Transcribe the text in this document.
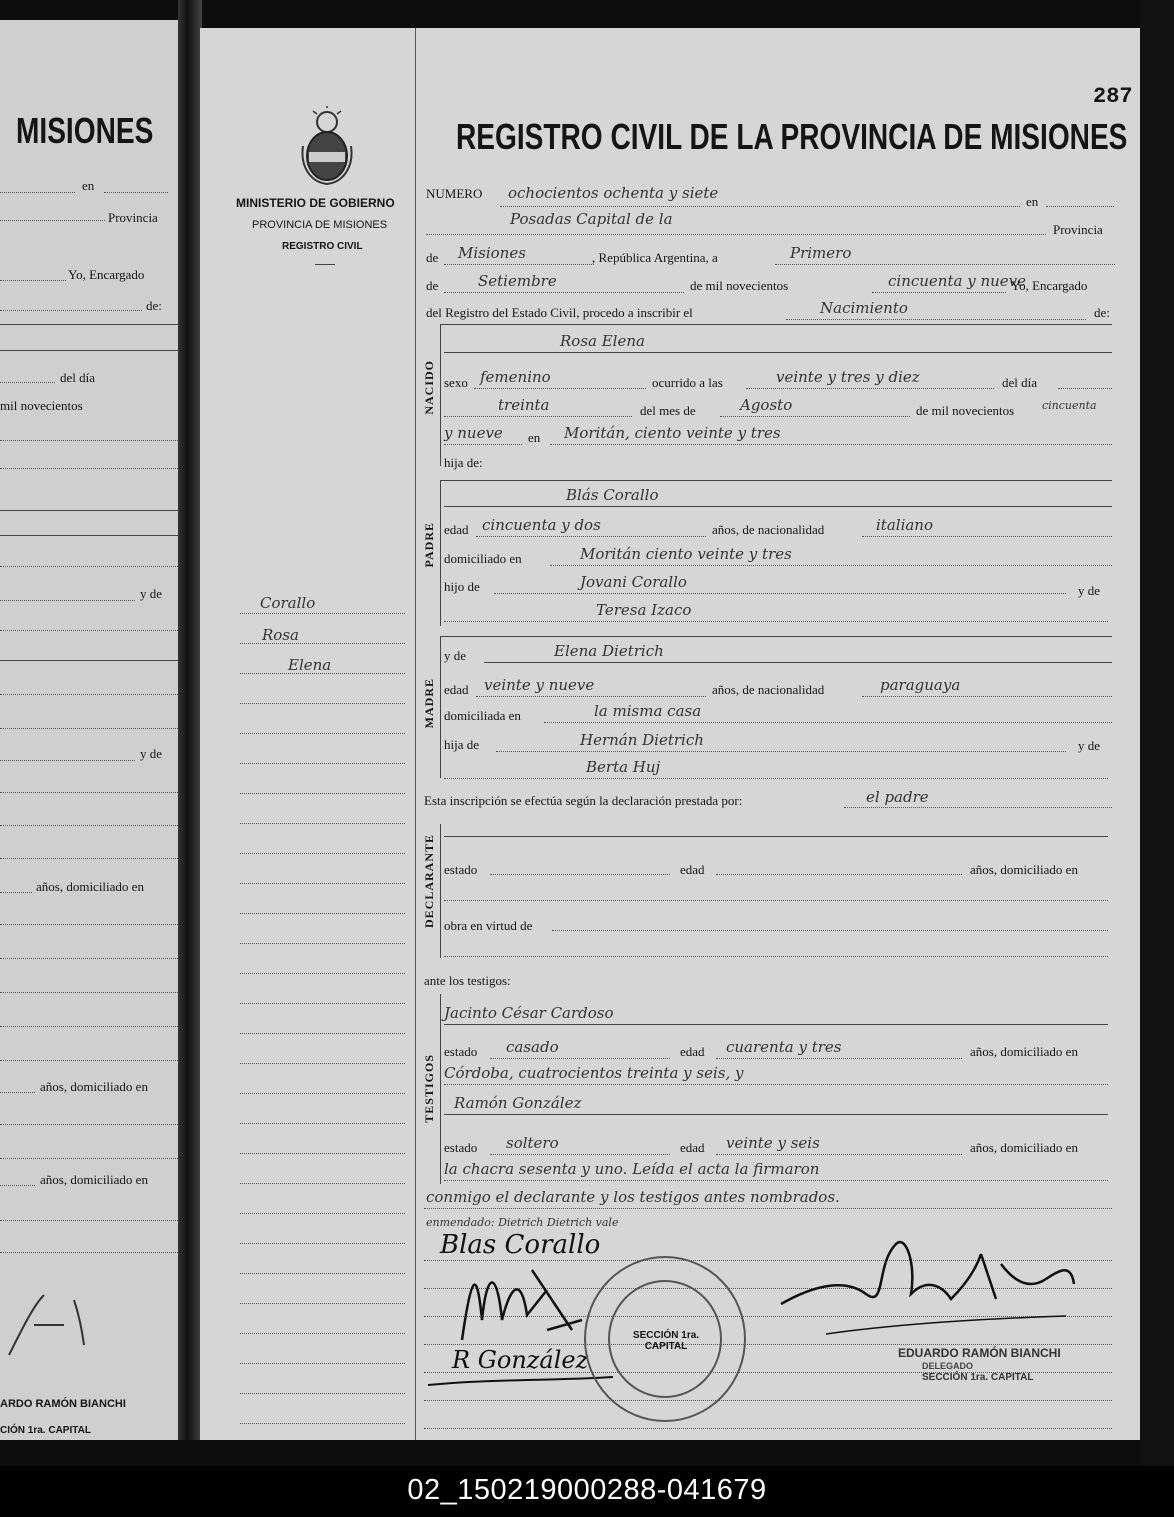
MISIONES
en
Provincia
Yo, Encargado
de:
del día
mil novecientos
y de
y de
años, domiciliado en
años, domiciliado en
años, domiciliado en
ARDO RAMÓN BIANCHI
CIÓN 1ra. CAPITAL
MINISTERIO DE GOBIERNO
PROVINCIA DE MISIONES
REGISTRO CIVIL
Corallo
Rosa
Elena
REGISTRO CIVIL DE LA PROVINCIA DE MISIONES
287
NUMERO ochocientos ochenta y siete	en
Posadas Capital de la
Provincia
de Misiones	, República Argentina, a	Primero
de	Setiembre	de mil novecientos	cincuenta y nueve
Yo, Encargado
del Registro del Estado Civil, procedo a inscribir el	Nacimiento	de:
NACIDO
Rosa Elena
sexo femenino	ocurrido a las	veinte y tres y diez	del día
treinta	del mes de	Agosto	de mil novecientos	cincuenta
y nueve en Moritán, ciento veinte y tres
hija de:
PADRE
Blás Corallo
edad cincuenta y dos	años, de nacionalidad	italiano
domiciliado en	Moritán ciento veinte y tres
hijo de	Jovani Corallo	y de
Teresa Izaco
MADRE
y de	Elena Dietrich
edad veinte y nueve	años, de nacionalidad	paraguaya
domiciliada en	la misma casa
hija de	Hernán Dietrich	y de
Berta Huj
Esta inscripción se efectúa según la declaración prestada por:	el padre
DECLARANTE estado	edad	años, domiciliado en
obra en virtud de
ante los testigos:
TESTIGOS
Jacinto César Cardoso
estado casado	edad cuarenta y tres	años, domiciliado en
Córdoba, cuatrocientos treinta y seis, y
Ramón González
estado soltero	edad veinte y seis	años, domiciliado en
la chacra sesenta y uno. Leída el acta la firmaron
conmigo el declarante y los testigos antes nombrados.
enmendado: Dietrich Dietrich vale
Blas Corallo
R González
SECCIÓN 1ra. CAPITAL	EDUARDO RAMÓN BIANCHI
DELEGADO
SECCIÓN 1ra. CAPITAL
02_150219000288-041679
